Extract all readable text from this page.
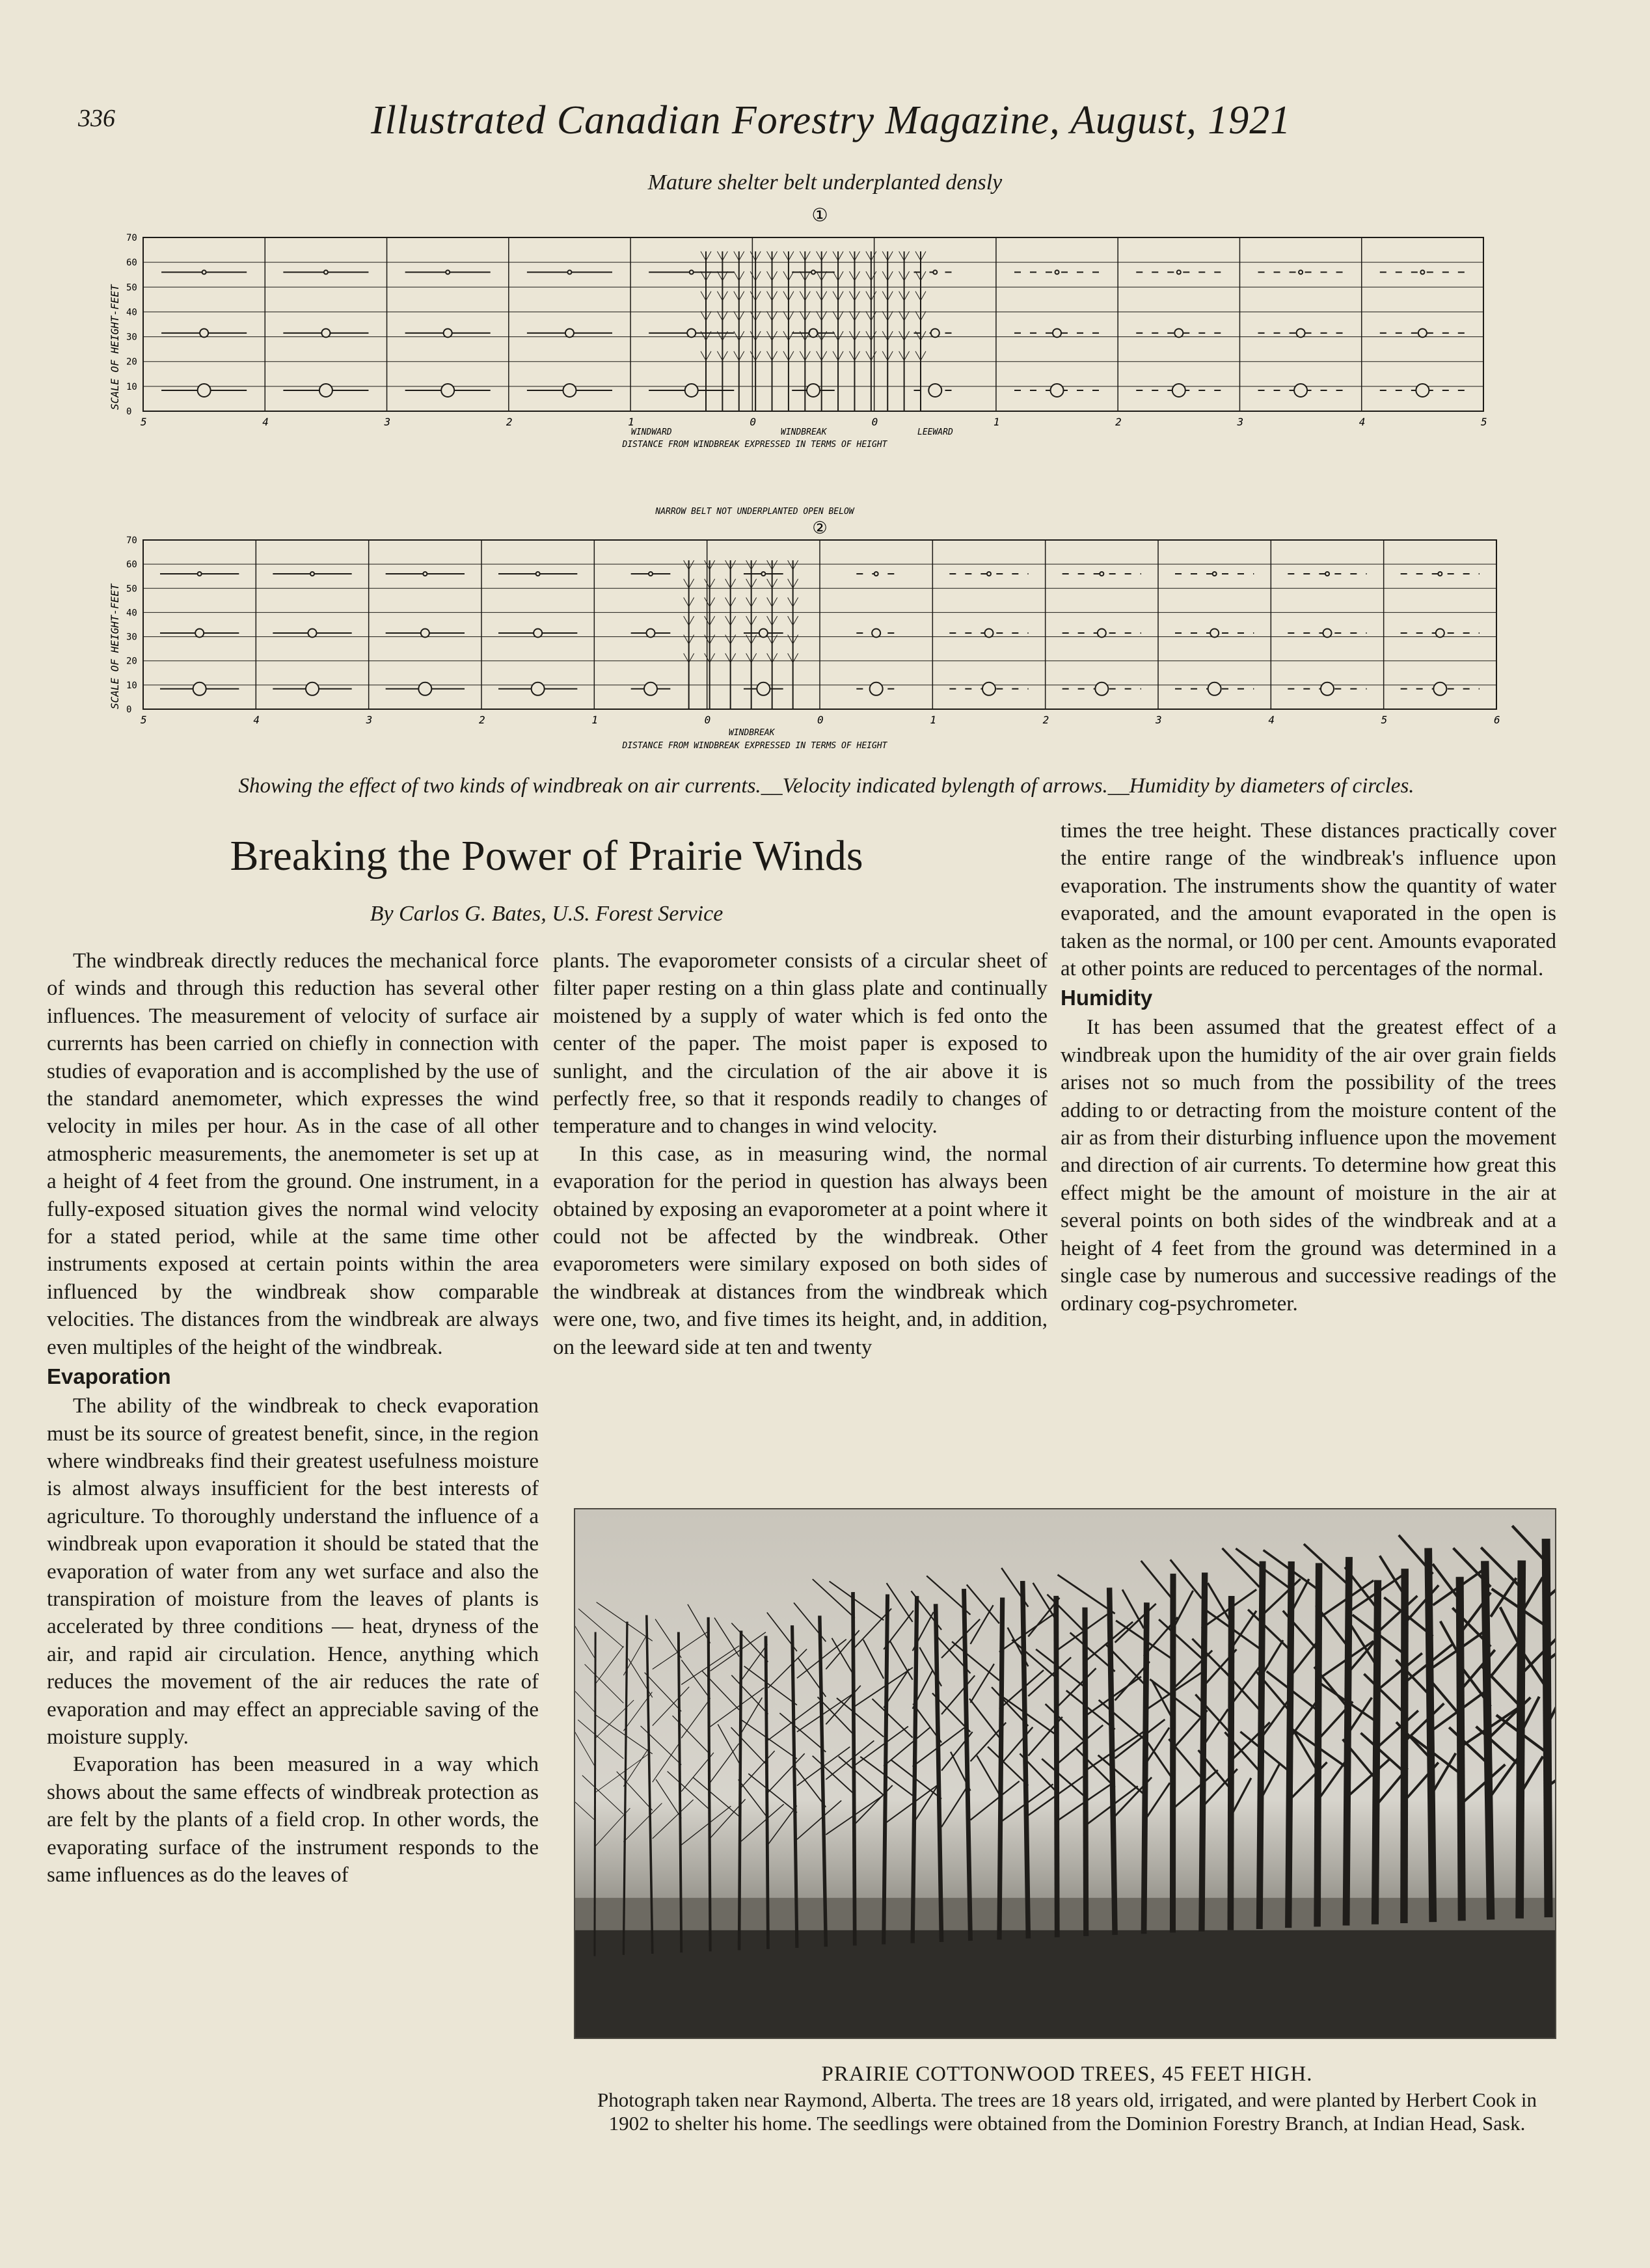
336	Illustrated Canadian Forestry Magazine, August, 1921
Mature shelter belt underplanted densly
①
SCALE OF HEIGHT-FEET
70
60
50
40
30
20
10
0
5	4	3	2	1	0	0	1	2	3	4	5
WINDWARD	WINDBREAK	LEEWARD
DISTANCE FROM WINDBREAK EXPRESSED IN TERMS OF HEIGHT
NARROW BELT NOT UNDERPLANTED OPEN BELOW
②
SCALE OF HEIGHT-FEET
70
60
50
40
30
20
10
0
5	4	3	2	1	0	0	1	2	3	4	5	6
WINDBREAK
DISTANCE FROM WINDBREAK EXPRESSED IN TERMS OF HEIGHT
Showing the effect of two kinds of windbreak on air currents.__Velocity indicated bylength of arrows.__Humidity by diameters of circles.
Breaking the Power of Prairie Winds
By Carlos G. Bates, U.S. Forest Service

The windbreak directly reduces the mechanical force of winds and through this reduction has several other influences. The measurement of velocity of surface air currernts has been carried on chiefly in connection with studies of evaporation and is accomplished by the use of the standard anemometer, which expresses the wind velocity in miles per hour. As in the case of all other atmospheric measurements, the anemometer is set up at a height of 4 feet from the ground. One instrument, in a fully-exposed situation gives the normal wind velocity for a stated period, while at the same time other instruments exposed at certain points within the area influenced by the windbreak show comparable velocities. The distances from the windbreak are always even multiples of the height of the windbreak.

Evaporation

The ability of the windbreak to check evaporation must be its source of greatest benefit, since, in the region where windbreaks find their greatest usefulness moisture is almost always insufficient for the best interests of agriculture. To thoroughly understand the influence of a windbreak upon evaporation it should be stated that the evaporation of water from any wet surface and also the transpiration of moisture from the leaves of plants is accelerated by three conditions — heat, dryness of the air, and rapid air circulation. Hence, anything which reduces the movement of the air reduces the rate of evaporation and may effect an appreciable saving of the moisture supply.

Evaporation has been measured in a way which shows about the same effects of windbreak protection as are felt by the plants of a field crop. In other words, the evaporating surface of the instrument responds to the same influences as do the leaves of

plants. The evaporometer consists of a circular sheet of filter paper resting on a thin glass plate and continually moistened by a supply of water which is fed onto the center of the paper. The moist paper is exposed to sunlight, and the circulation of the air above it is perfectly free, so that it responds readily to changes of temperature and to changes in wind velocity.

In this case, as in measuring wind, the normal evaporation for the period in question has always been obtained by exposing an evaporometer at a point where it could not be affected by the windbreak. Other evaporometers were similary exposed on both sides of the windbreak at distances from the windbreak which were one, two, and five times its height, and, in addition, on the leeward side at ten and twenty

times the tree height. These distances practically cover the entire range of the windbreak's influence upon evaporation. The instruments show the quantity of water evaporated, and the amount evaporated in the open is taken as the normal, or 100 per cent. Amounts evaporated at other points are reduced to percentages of the normal.

Humidity

It has been assumed that the greatest effect of a windbreak upon the humidity of the air over grain fields arises not so much from the possibility of the trees adding to or detracting from the moisture content of the air as from their disturbing influence upon the movement and direction of air currents. To determine how great this effect might be the amount of moisture in the air at several points on both sides of the windbreak and at a height of 4 feet from the ground was determined in a single case by numerous and successive readings of the ordinary cog-psychrometer.

PRAIRIE COTTONWOOD TREES, 45 FEET HIGH.
Photograph taken near Raymond, Alberta. The trees are 18 years old, irrigated, and were planted by Herbert Cook in 1902 to shelter his home. The seedlings were obtained from the Dominion Forestry Branch, at Indian Head, Sask.
